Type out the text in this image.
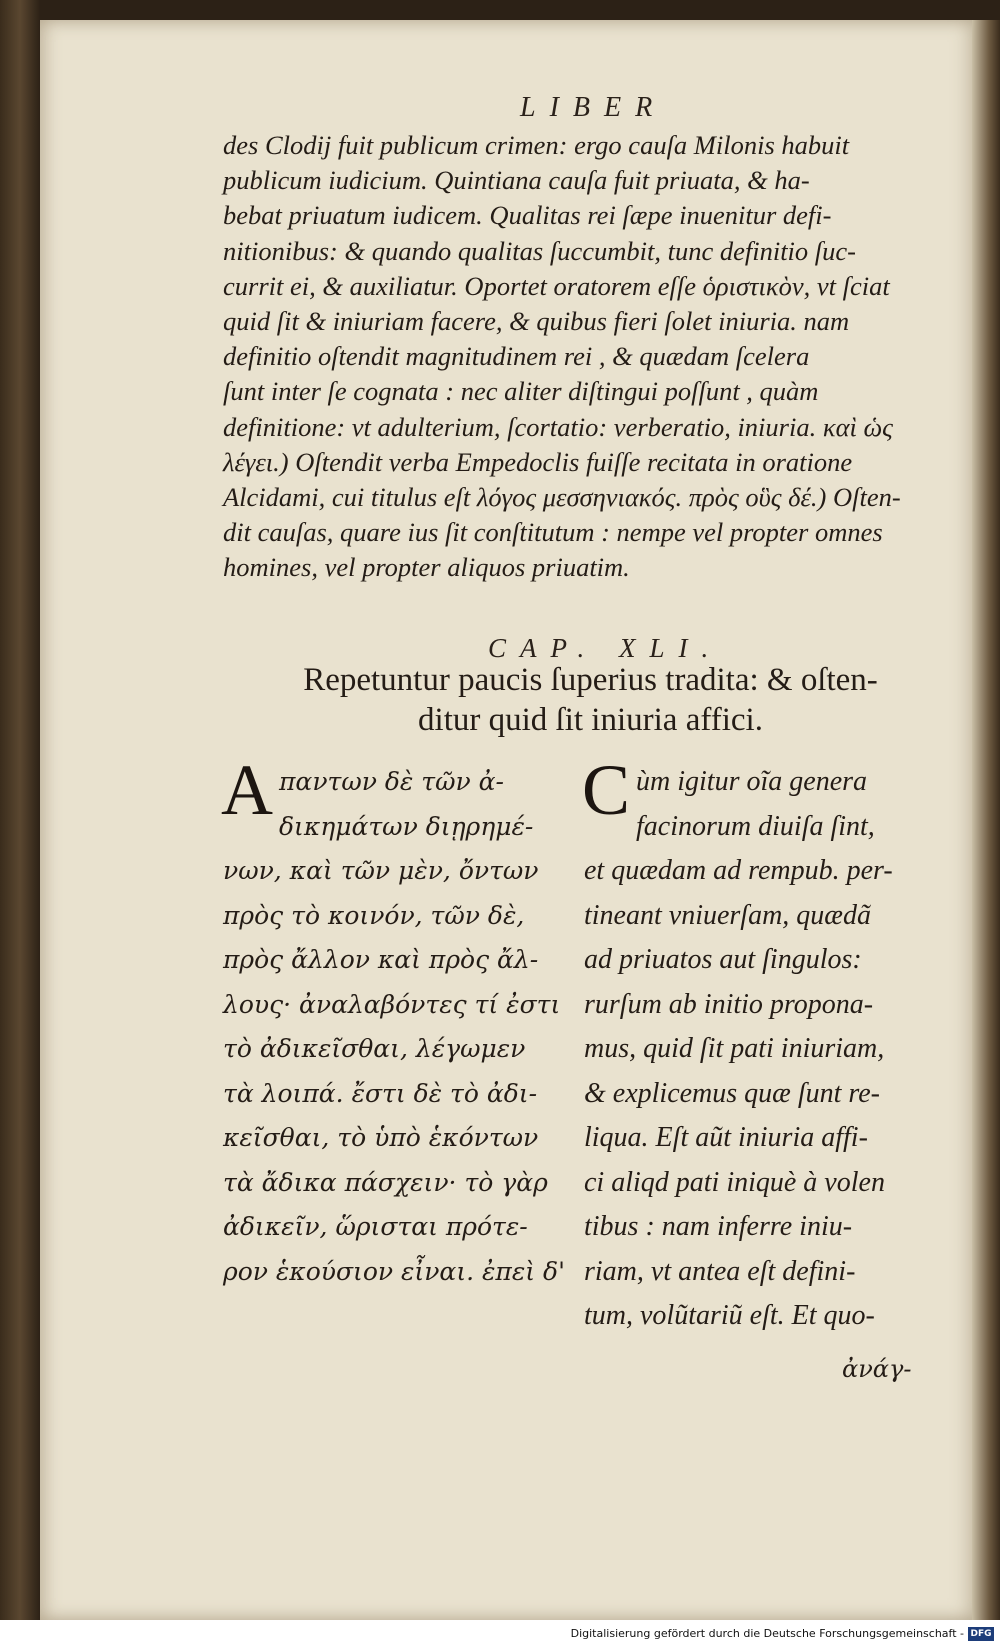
LIBER
des Clodij fuit publicum crimen: ergo cauſa Milonis habuit
publicum iudicium. Quintiana cauſa fuit priuata, & ha-
bebat priuatum iudicem. Qualitas rei ſæpe inuenitur defi-
nitionibus: & quando qualitas ſuccumbit, tunc definitio ſuc-
currit ei, & auxiliatur. Oportet oratorem eſſe ὁριστικὸν, vt ſciat
quid ſit & iniuriam facere, & quibus fieri ſolet iniuria. nam
definitio oſtendit magnitudinem rei , & quædam ſcelera
ſunt inter ſe cognata : nec aliter diſtingui poſſunt , quàm
definitione: vt adulterium, ſcortatio: verberatio, iniuria. καὶ ὡς
λέγει.) Oſtendit verba Empedoclis fuiſſe recitata in oratione
Alcidami, cui titulus eſt λόγος μεσσηνιακός. πρὸς οὓς δέ.) Oſten-
dit cauſas, quare ius ſit conſtitutum : nempe vel propter omnes
homines, vel propter aliquos priuatim.
CAP. XLI.
Repetuntur paucis ſuperius tradita: & oſten-
ditur quid ſit iniuria affici.
A παντων δὲ τῶν ἀ-
δικημάτων διῃρημέ-
νων, καὶ τῶν μὲν, ὄντων
πρὸς τὸ κοινόν, τῶν δὲ,
πρὸς ἄλλον καὶ πρὸς ἄλ-
λους· ἀναλαβόντες τί ἐστι
τὸ ἀδικεῖσθαι, λέγωμεν
τὰ λοιπά. ἔστι δὲ τὸ ἀδι-
κεῖσθαι, τὸ ὑπὸ ἑκόντων
τὰ ἄδικα πάσχειν· τὸ γὰρ
ἀδικεῖν, ὥρισται πρότε-
ρον ἑκούσιον εἶναι. ἐπεὶ δ'
C ùm igitur oĩa genera
facinorum diuiſa ſint,
et quædam ad rempub. per-
tineant vniuerſam, quædã
ad priuatos aut ſingulos:
rurſum ab initio propona-
mus, quid ſit pati iniuriam,
& explicemus quæ ſunt re-
liqua. Eſt aũt iniuria affi-
ci aliqd pati iniquè à volen
tibus : nam inferre iniu-
riam, vt antea eſt defini-
tum, volũtariũ eſt. Et quo-
ἀνάγ-
Digitalisierung gefördert durch die Deutsche Forschungsgemeinschaft - DFG
